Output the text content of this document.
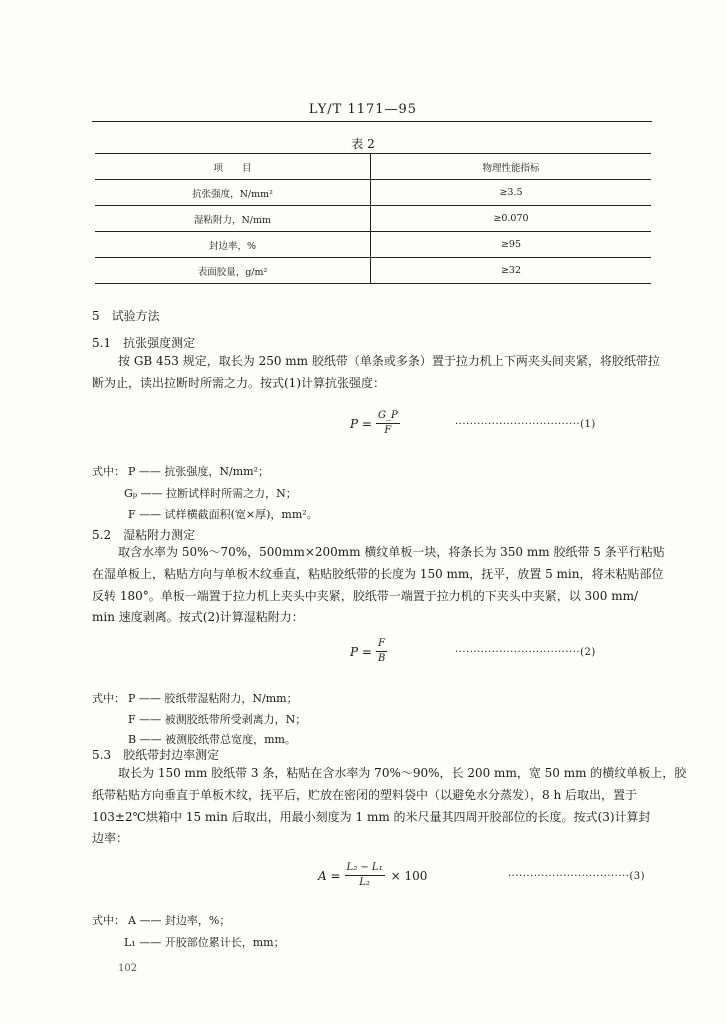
LY/T 1171—95
表 2
项　　目	物理性能指标
抗张强度，N/mm²	≥3.5
湿粘附力，N/mm	≥0.070
封边率，%	≥95
表面胶量，g/m²	≥32
5　试验方法
5.1　抗张强度测定
按 GB 453 规定，取长为 250 mm 胶纸带（单条或多条）置于拉力机上下两夹头间夹紧，将胶纸带拉
断为止，读出拉断时所需之力。按式(1)计算抗张强度：
$P = \frac{G\_P}{F}$	··································(1)
式中： P —— 抗张强度，N/mm²；
Gₚ —— 拉断试样时所需之力，N；
F —— 试样横截面积(宽×厚)，mm²。
5.2　湿粘附力测定
取含水率为 50%～70%，500mm×200mm 横纹单板一块，将条长为 350 mm 胶纸带 5 条平行粘贴
在湿单板上，粘贴方向与单板木纹垂直，粘贴胶纸带的长度为 150 mm，抚平，放置 5 min，将未粘贴部位
反转 180°。单板一端置于拉力机上夹头中夹紧，胶纸带一端置于拉力机的下夹头中夹紧，以 300 mm/
min 速度剥离。按式(2)计算湿粘附力：
$P = \frac{F}{B}$	··································(2)
式中： P —— 胶纸带湿粘附力，N/mm；
F —— 被测胶纸带所受剥离力，N；
B —— 被测胶纸带总宽度，mm。
5.3　胶纸带封边率测定
取长为 150 mm 胶纸带 3 条，粘贴在含水率为 70%～90%，长 200 mm，宽 50 mm 的横纹单板上，胶
纸带粘贴方向垂直于单板木纹，抚平后，贮放在密闭的塑料袋中（以避免水分蒸发），8 h 后取出，置于
103±2℃烘箱中 15 min 后取出，用最小刻度为 1 mm 的米尺量其四周开胶部位的长度。按式(3)计算封
边率：
$A = \frac{\text{L₂ − L₁}}{\text{L₂}} \times 100$	·································(3)
式中： A —— 封边率，%；
L₁ —— 开胶部位累计长，mm；
102
